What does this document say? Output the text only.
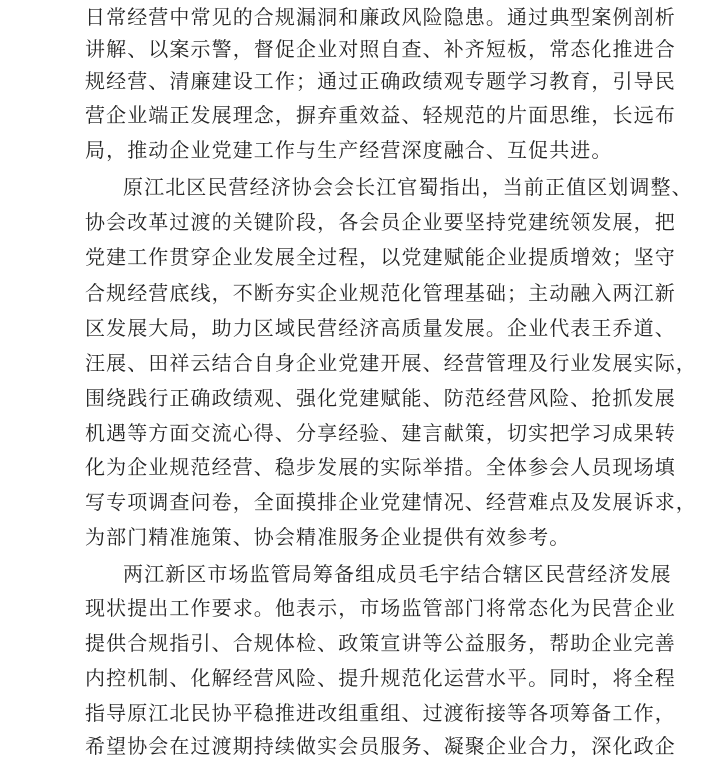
日常经营中常见的合规漏洞和廉政风险隐患。通过典型案例剖析
讲解、以案示警，督促企业对照自查、补齐短板，常态化推进合
规经营、清廉建设工作；通过正确政绩观专题学习教育，引导民
营企业端正发展理念，摒弃重效益、轻规范的片面思维，长远布
局，推动企业党建工作与生产经营深度融合、互促共进。
原江北区民营经济协会会长江官蜀指出，当前正值区划调整、
协会改革过渡的关键阶段，各会员企业要坚持党建统领发展，把
党建工作贯穿企业发展全过程，以党建赋能企业提质增效；坚守
合规经营底线，不断夯实企业规范化管理基础；主动融入两江新
区发展大局，助力区域民营经济高质量发展。企业代表王乔道、
汪展、田祥云结合自身企业党建开展、经营管理及行业发展实际，
围绕践行正确政绩观、强化党建赋能、防范经营风险、抢抓发展
机遇等方面交流心得、分享经验、建言献策，切实把学习成果转
化为企业规范经营、稳步发展的实际举措。全体参会人员现场填
写专项调查问卷，全面摸排企业党建情况、经营难点及发展诉求，
为部门精准施策、协会精准服务企业提供有效参考。
两江新区市场监管局筹备组成员毛宇结合辖区民营经济发展
现状提出工作要求。他表示，市场监管部门将常态化为民营企业
提供合规指引、合规体检、政策宣讲等公益服务，帮助企业完善
内控机制、化解经营风险、提升规范化运营水平。同时，将全程
指导原江北民协平稳推进改组重组、过渡衔接等各项筹备工作，
希望协会在过渡期持续做实会员服务、凝聚企业合力，深化政企
